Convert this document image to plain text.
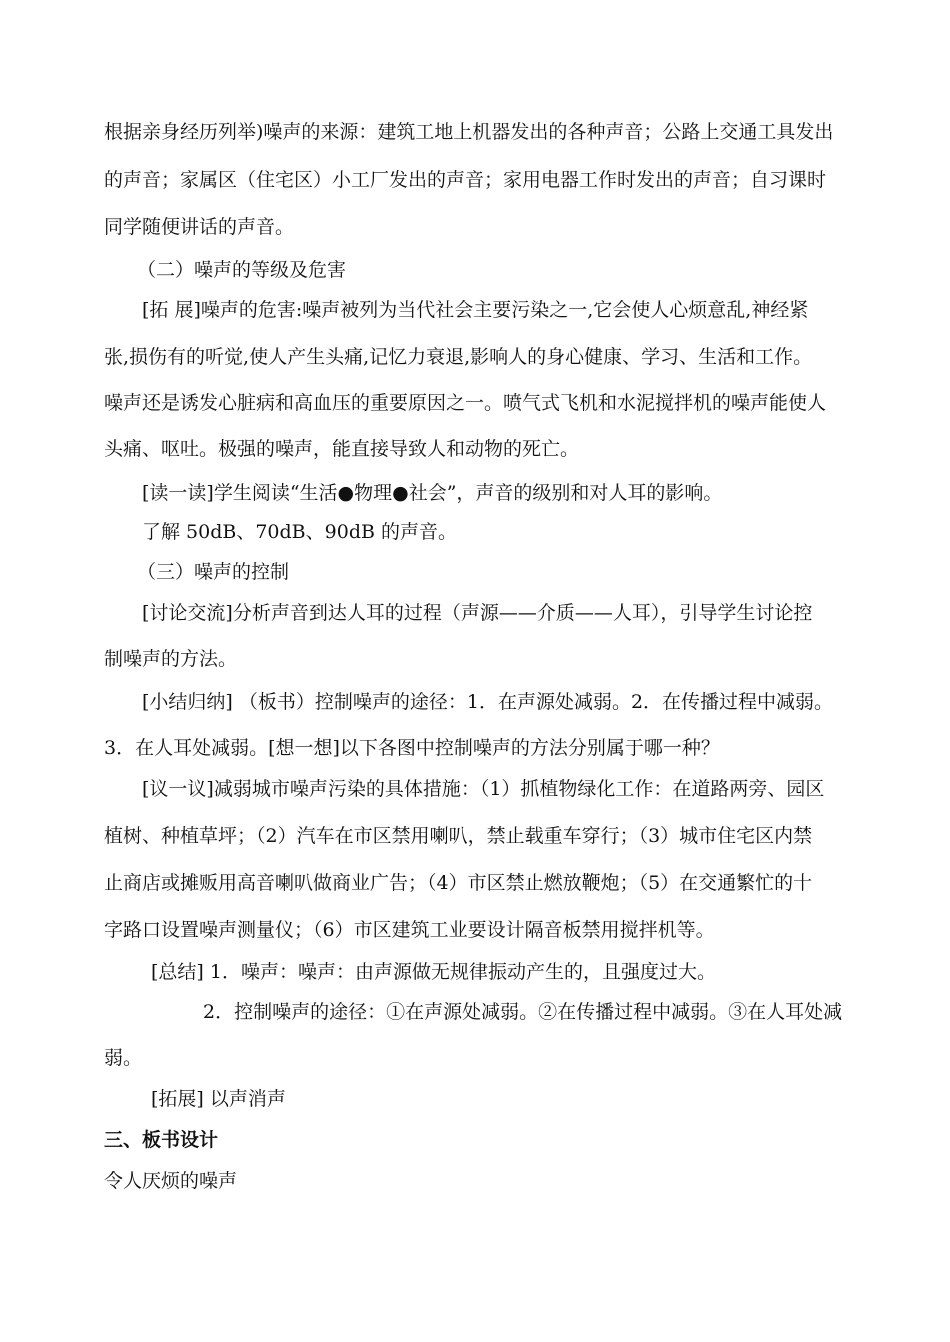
根据亲身经历列举)噪声的来源：建筑工地上机器发出的各种声音；公路上交通工具发出
的声音；家属区（住宅区）小工厂发出的声音；家用电器工作时发出的声音；自习课时
同学随便讲话的声音。
（二）噪声的等级及危害
[拓 展]噪声的危害:噪声被列为当代社会主要污染之一,它会使人心烦意乱,神经紧
张,损伤有的听觉,使人产生头痛,记忆力衰退,影响人的身心健康、学习、生活和工作。
噪声还是诱发心脏病和高血压的重要原因之一。喷气式飞机和水泥搅拌机的噪声能使人
头痛、呕吐。极强的噪声，能直接导致人和动物的死亡。
[读一读]学生阅读“生活●物理●社会”，声音的级别和对人耳的影响。
了解 50dB、70dB、90dB 的声音。
（三）噪声的控制
[讨论交流]分析声音到达人耳的过程（声源——介质——人耳），引导学生讨论控
制噪声的方法。
[小结归纳] （板书）控制噪声的途径：1．在声源处减弱。2．在传播过程中减弱。
3．在人耳处减弱。[想一想]以下各图中控制噪声的方法分别属于哪一种？
[议一议]减弱城市噪声污染的具体措施：（1）抓植物绿化工作：在道路两旁、园区
植树、种植草坪；（2）汽车在市区禁用喇叭，禁止载重车穿行；（3）城市住宅区内禁
止商店或摊贩用高音喇叭做商业广告；（4）市区禁止燃放鞭炮；（5）在交通繁忙的十
字路口设置噪声测量仪；（6）市区建筑工业要设计隔音板禁用搅拌机等。
[总结] 1．噪声：噪声：由声源做无规律振动产生的，且强度过大。
2．控制噪声的途径：①在声源处减弱。②在传播过程中减弱。③在人耳处减
弱。
[拓展] 以声消声
三、板书设计
令人厌烦的噪声
